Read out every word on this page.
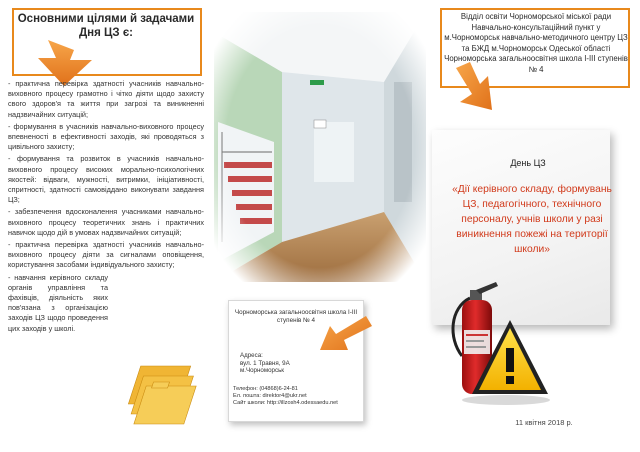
Основними цілями й задачами Дня ЦЗ є:

- практична перевірка здатності учасників навчально-виховного процесу грамотно і чітко діяти щодо захисту свого здоров'я та життя при загрозі та виникненні надзвичайних ситуацій;

- формування в учасників навчально-виховного процесу впевненості в ефективності заходів, які проводяться з цивільного захисту;

- формування та розвиток в учасників навчально-виховного процесу високих морально-психологічних якостей: відваги, мужності, витримки, ініціативності, спритності, здатності самовіддано виконувати завдання ЦЗ;

- забезпечення вдосконалення учасниками навчально-виховного процесу теоретичних знань і практичних навичок щодо дій в умовах надзвичайних ситуацій;

- практична перевірка здатності учасників навчально-виховного процесу діяти за сигналами оповіщення, користування засобами індивідуального захисту;

- навчання керівного складу органів управління та фахівців, діяльність яких пов'язана з організацією заходів ЦЗ щодо проведення цих заходів у школі.

Чорноморська загальноосвітня школа І-ІІІ ступенів № 4
Адреса:
вул. 1 Травня, 9А
м.Чорноморськ
Телефон: (04868)6-24-81
Ел. пошта: direktor4@ukr.net
Сайт школи: http://illzosh4.odessaedu.net
Відділ освіти Чорноморської міської ради Навчально-консультаційний пункт у м.Чорноморськ навчально-методичного центру ЦЗ та БЖД м.Чорноморськ Одеської області Чорноморська загальноосвітня школа І-ІІІ ступенів № 4
День ЦЗ
«Дії керівного складу, формувань ЦЗ, педагогічного, технічного персоналу, учнів школи у разі виникнення пожежі на території школи»
11 квітня 2018 р.
